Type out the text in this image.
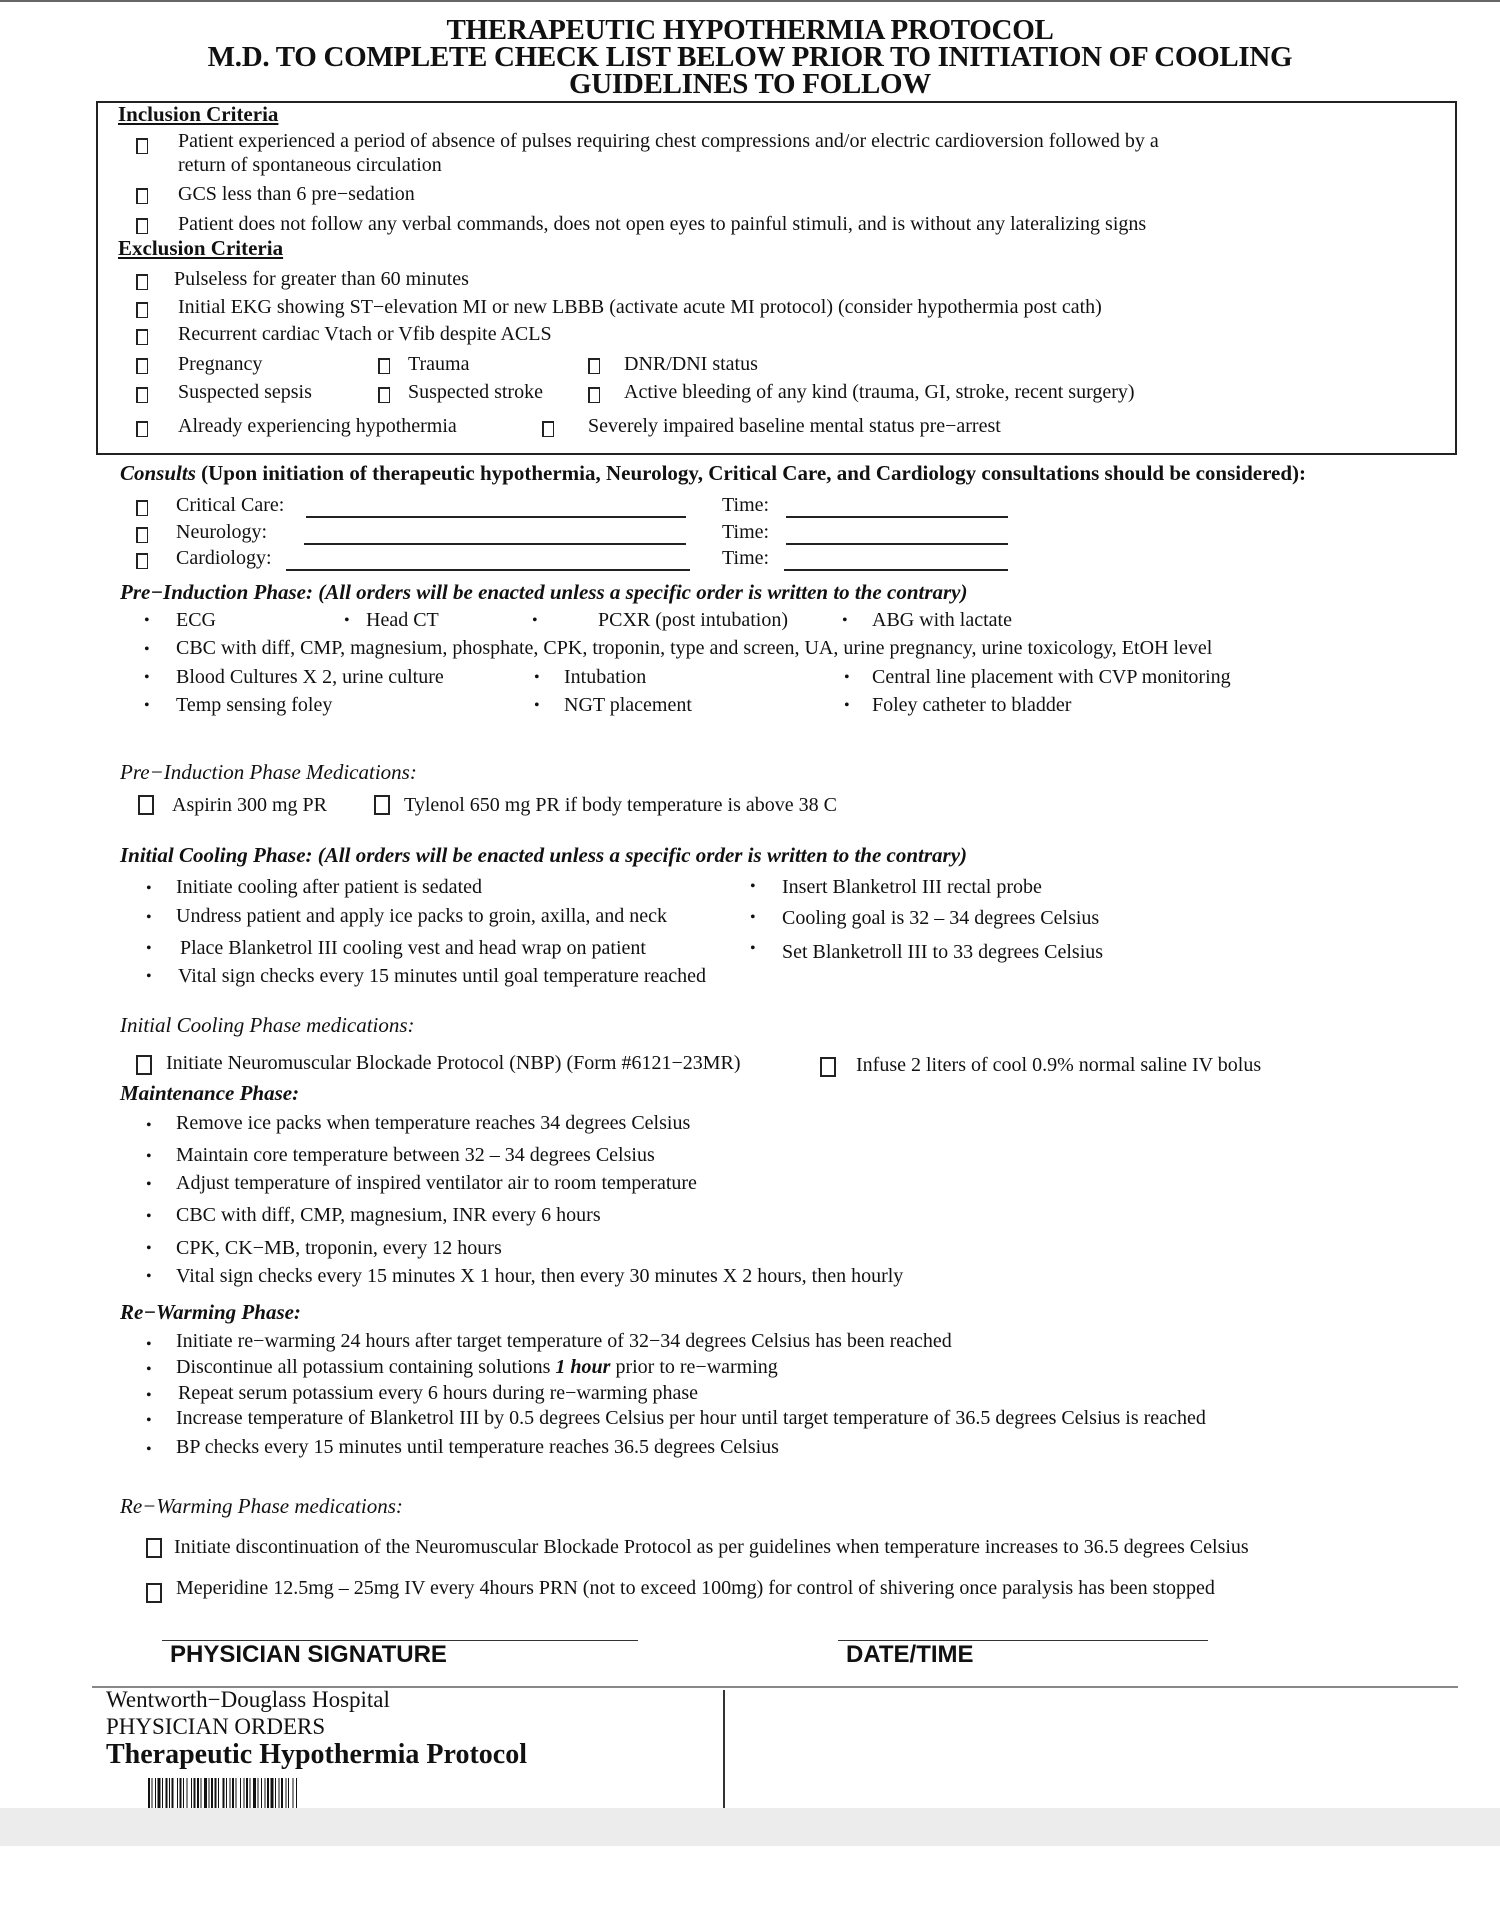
THERAPEUTIC HYPOTHERMIA PROTOCOL
M.D. TO COMPLETE CHECK LIST BELOW PRIOR TO INITIATION OF COOLING
GUIDELINES TO FOLLOW
Inclusion Criteria
Patient experienced a period of absence of pulses requiring chest compressions and/or electric cardioversion followed by a
return of spontaneous circulation
GCS less than 6 pre−sedation
Patient does not follow any verbal commands, does not open eyes to painful stimuli, and is without any lateralizing signs
Exclusion Criteria
Pulseless for greater than 60 minutes
Initial EKG showing ST−elevation MI or new LBBB (activate acute MI protocol) (consider hypothermia post cath)
Recurrent cardiac Vtach or Vfib despite ACLS
Pregnancy	Trauma	DNR/DNI status
Suspected sepsis	Suspected stroke	Active bleeding of any kind (trauma, GI, stroke, recent surgery)
Already experiencing hypothermia	Severely impaired baseline mental status pre−arrest
Consults (Upon initiation of therapeutic hypothermia, Neurology, Critical Care, and Cardiology consultations should be considered):
Critical Care:	Time:
Neurology:	Time:
Cardiology:	Time:
Pre−Induction Phase: (All orders will be enacted unless a specific order is written to the contrary)
• ECG	• Head CT	•	PCXR (post intubation)	• ABG with lactate
• CBC with diff, CMP, magnesium, phosphate, CPK, troponin, type and screen, UA, urine pregnancy, urine toxicology, EtOH level
• Blood Cultures X 2, urine culture	• Intubation	• Central line placement with CVP monitoring
• Temp sensing foley	• NGT placement	• Foley catheter to bladder
Pre−Induction Phase Medications:
Aspirin 300 mg PR	Tylenol 650 mg PR if body temperature is above 38 C
Initial Cooling Phase: (All orders will be enacted unless a specific order is written to the contrary)
• Initiate cooling after patient is sedated	• Insert Blanketrol III rectal probe
• Undress patient and apply ice packs to groin, axilla, and neck	• Cooling goal is 32 – 34 degrees Celsius
• Place Blanketrol III cooling vest and head wrap on patient	• Set Blanketroll III to 33 degrees Celsius
• Vital sign checks every 15 minutes until goal temperature reached
Initial Cooling Phase medications:
Initiate Neuromuscular Blockade Protocol (NBP) (Form #6121−23MR)	Infuse 2 liters of cool 0.9% normal saline IV bolus
Maintenance Phase:
• Remove ice packs when temperature reaches 34 degrees Celsius
• Maintain core temperature between 32 – 34 degrees Celsius
• Adjust temperature of inspired ventilator air to room temperature
• CBC with diff, CMP, magnesium, INR every 6 hours
• CPK, CK−MB, troponin, every 12 hours
• Vital sign checks every 15 minutes X 1 hour, then every 30 minutes X 2 hours, then hourly
Re−Warming Phase:
• Initiate re−warming 24 hours after target temperature of 32−34 degrees Celsius has been reached
• Discontinue all potassium containing solutions 1 hour prior to re−warming
• Repeat serum potassium every 6 hours during re−warming phase
• Increase temperature of Blanketrol III by 0.5 degrees Celsius per hour until target temperature of 36.5 degrees Celsius is reached
• BP checks every 15 minutes until temperature reaches 36.5 degrees Celsius
Re−Warming Phase medications:
Initiate discontinuation of the Neuromuscular Blockade Protocol as per guidelines when temperature increases to 36.5 degrees Celsius
Meperidine 12.5mg – 25mg IV every 4hours PRN (not to exceed 100mg) for control of shivering once paralysis has been stopped
PHYSICIAN SIGNATURE	DATE/TIME
Wentworth−Douglass Hospital
PHYSICIAN ORDERS
Therapeutic Hypothermia Protocol
